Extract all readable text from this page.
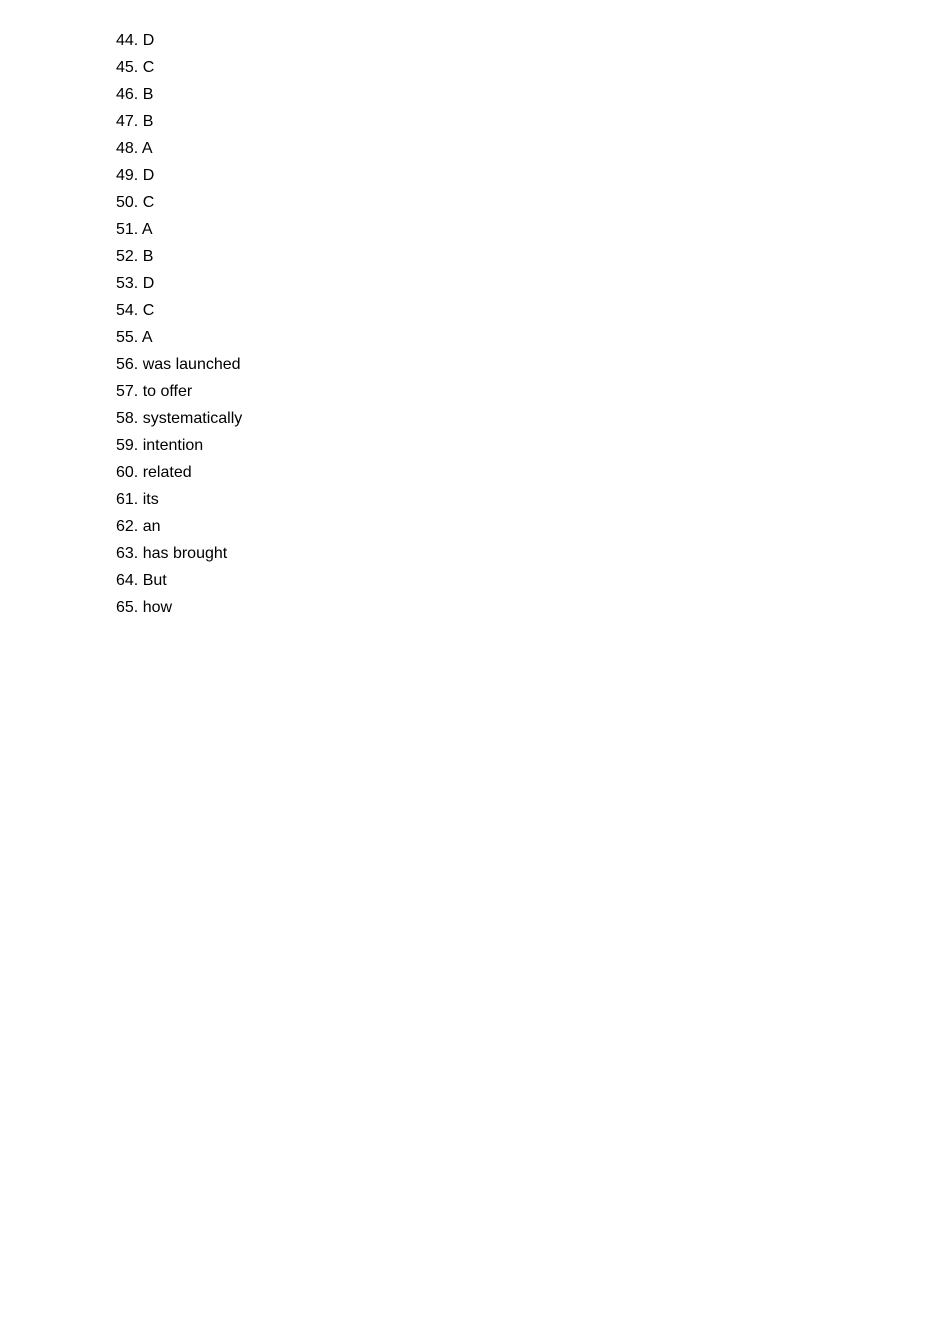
44. D
45. C
46. B
47. B
48. A
49. D
50. C
51. A
52. B
53. D
54. C
55. A
56. was launched
57. to offer
58. systematically
59. intention
60. related
61. its
62. an
63. has brought
64. But
65. how
